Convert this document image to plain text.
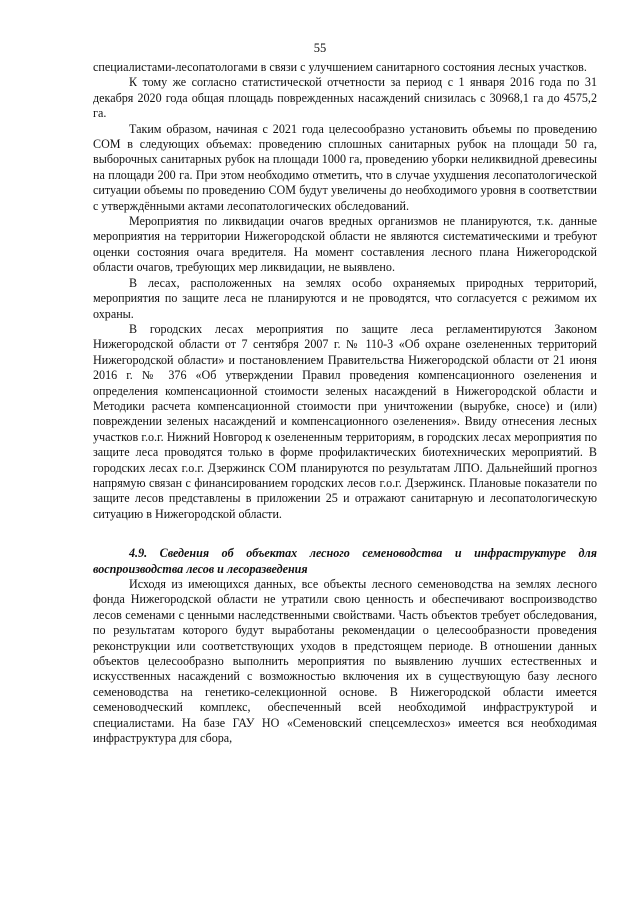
55

специалистами-лесопатологами в связи с улучшением санитарного состояния лесных участков.

К тому же согласно статистической отчетности за период с 1 января 2016 года по 31 декабря 2020 года общая площадь поврежденных насаждений снизилась с 30968,1 га до 4575,2 га.

Таким образом, начиная с 2021 года целесообразно установить объемы по проведению СОМ в следующих объемах: проведению сплошных санитарных рубок на площади 50 га, выборочных санитарных рубок на площади 1000 га, проведению уборки неликвидной древесины на площади 200 га. При этом необходимо отметить, что в случае ухудшения лесопатологической ситуации объемы по проведению СОМ будут увеличены до необходимого уровня в соответствии с утверждёнными актами лесопатологических обследований.

Мероприятия по ликвидации очагов вредных организмов не планируются, т.к. данные мероприятия на территории Нижегородской области не являются систематическими и требуют оценки состояния очага вредителя. На момент составления лесного плана Нижегородской области очагов, требующих мер ликвидации, не выявлено.

В лесах, расположенных на землях особо охраняемых природных территорий, мероприятия по защите леса не планируются и не проводятся, что согласуется с режимом их охраны.

В городских лесах мероприятия по защите леса регламентируются Законом Нижегородской области от 7 сентября 2007 г. № 110-З «Об охране озелененных территорий Нижегородской области» и постановлением Правительства Нижегородской области от 21 июня 2016 г. № 376 «Об утверждении Правил проведения компенсационного озеленения и определения компенсационной стоимости зеленых насаждений в Нижегородской области и Методики расчета компенсационной стоимости при уничтожении (вырубке, сносе) и (или) повреждении зеленых насаждений и компенсационного озеленения». Ввиду отнесения лесных участков г.о.г. Нижний Новгород к озелененным территориям, в городских лесах мероприятия по защите леса проводятся только в форме профилактических биотехнических мероприятий. В городских лесах г.о.г. Дзержинск СОМ планируются по результатам ЛПО. Дальнейший прогноз напрямую связан с финансированием городских лесов г.о.г. Дзержинск. Плановые показатели по защите лесов представлены в приложении 25 и отражают санитарную и лесопатологическую ситуацию в Нижегородской области.

4.9. Сведения об объектах лесного семеноводства и инфраструктуре для воспроизводства лесов и лесоразведения

Исходя из имеющихся данных, все объекты лесного семеноводства на землях лесного фонда Нижегородской области не утратили свою ценность и обеспечивают воспроизводство лесов семенами с ценными наследственными свойствами. Часть объектов требует обследования, по результатам которого будут выработаны рекомендации о целесообразности проведения реконструкции или соответствующих уходов в предстоящем периоде. В отношении данных объектов целесообразно выполнить мероприятия по выявлению лучших естественных и искусственных насаждений с возможностью включения их в существующую базу лесного семеноводства на генетико-селекционной основе. В Нижегородской области имеется семеноводческий комплекс, обеспеченный всей необходимой инфраструктурой и специалистами. На базе ГАУ НО «Семеновский спецсемлесхоз» имеется вся необходимая инфраструктура для сбора,
